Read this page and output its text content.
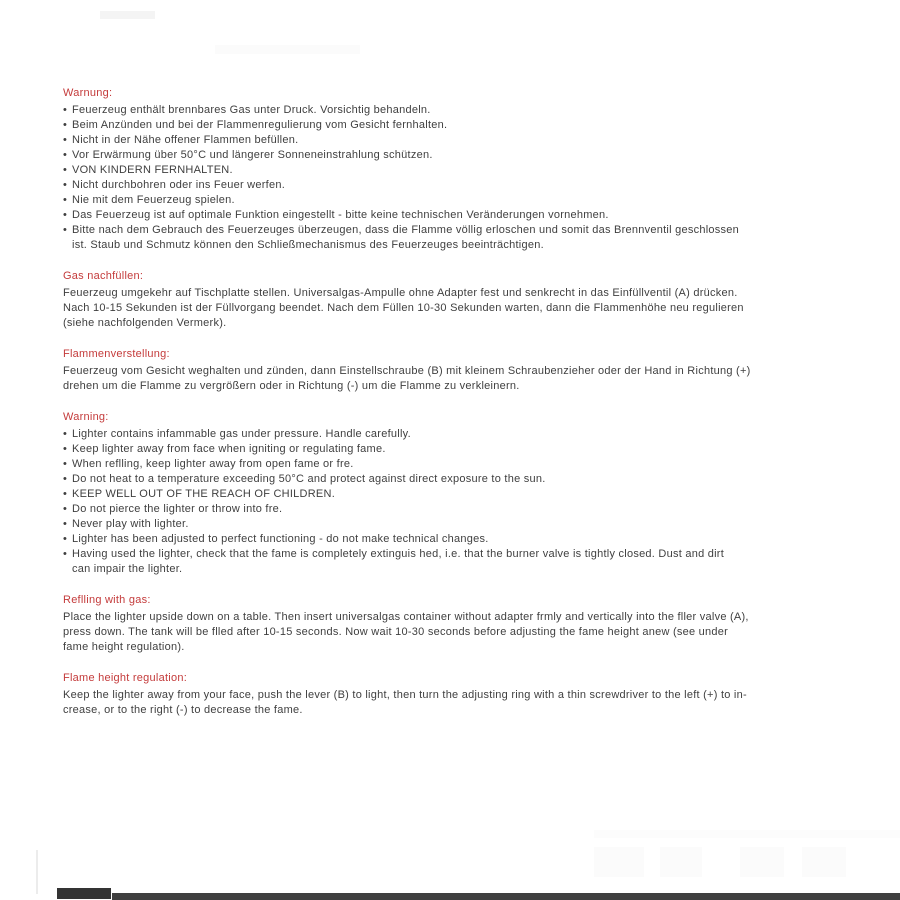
Warnung:
• Feuerzeug enthält brennbares Gas unter Druck. Vorsichtig behandeln.
• Beim Anzünden und bei der Flammenregulierung vom Gesicht fernhalten.
• Nicht in der Nähe offener Flammen befüllen.
• Vor Erwärmung über 50°C und längerer Sonneneinstrahlung schützen.
• VON KINDERN FERNHALTEN.
• Nicht durchbohren oder ins Feuer werfen.
• Nie mit dem Feuerzeug spielen.
• Das Feuerzeug ist auf optimale Funktion eingestellt - bitte keine technischen Veränderungen vornehmen.
• Bitte nach dem Gebrauch des Feuerzeuges überzeugen, dass die Flamme völlig erloschen und somit das Brennventil geschlossen
ist. Staub und Schmutz können den Schließmechanismus des Feuerzeuges beeinträchtigen.
Gas nachfüllen:
Feuerzeug umgekehr auf Tischplatte stellen. Universalgas-Ampulle ohne Adapter fest und senkrecht in das Einfüllventil (A) drücken.
Nach 10-15 Sekunden ist der Füllvorgang beendet. Nach dem Füllen 10-30 Sekunden warten, dann die Flammenhöhe neu regulieren
(siehe nachfolgenden Vermerk).
Flammenverstellung:
Feuerzeug vom Gesicht weghalten und zünden, dann Einstellschraube (B) mit kleinem Schraubenzieher oder der Hand in Richtung (+)
drehen um die Flamme zu vergrößern oder in Richtung (-) um die Flamme zu verkleinern.
Warning:
• Lighter contains infammable gas under pressure. Handle carefully.
• Keep lighter away from face when igniting or regulating fame.
• When reflling, keep lighter away from open fame or fre.
• Do not heat to a temperature exceeding 50°C and protect against direct exposure to the sun.
• KEEP WELL OUT OF THE REACH OF CHILDREN.
• Do not pierce the lighter or throw into fre.
• Never play with lighter.
• Lighter has been adjusted to perfect functioning - do not make technical changes.
• Having used the lighter, check that the fame is completely extinguis hed, i.e. that the burner valve is tightly closed. Dust and dirt
can impair the lighter.
Reflling with gas:
Place the lighter upside down on a table. Then insert universalgas container without adapter frmly and vertically into the fller valve (A),
press down. The tank will be flled after 10-15 seconds. Now wait 10-30 seconds before adjusting the fame height anew (see under
fame height regulation).
Flame height regulation:
Keep the lighter away from your face, push the lever (B) to light, then turn the adjusting ring with a thin screwdriver to the left (+) to in-
crease, or to the right (-) to decrease the fame.
